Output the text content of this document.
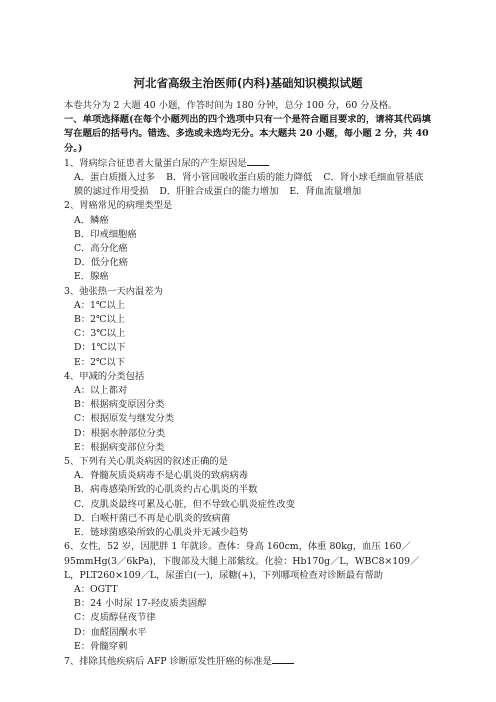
河北省高级主治医师(内科)基础知识模拟试题
本卷共分为 2 大题 40 小题，作答时间为 180 分钟，总分 100 分，60 分及格。
一、单项选择题(在每个小题列出的四个选项中只有一个是符合题目要求的，请将其代码填写在题后的括号内。错选、多选或未选均无分。本大题共 20 小题，每小题 2 分，共 40 分。)
1、肾病综合征患者大量蛋白尿的产生原因是
A．蛋白质摄入过多 B．肾小管回吸收蛋白质的能力降低 C．肾小球毛细血管基底膜的滤过作用受损 D．肝脏合成蛋白的能力增加 E．肾血流量增加
2、胃癌常见的病理类型是
A．鳞癌
B．印戒细胞癌
C．高分化癌
D．低分化癌
E．腺癌
3、弛张热一天内温差为
A：1℃以上
B：2℃以上
C：3℃以上
D：1℃以下
E：2℃以下
4、甲减的分类包括
A：以上都对
B：根据病变原因分类
C：根据原发与继发分类
D：根据水肿部位分类
E：根据病变部位分类
5、下列有关心肌炎病因的叙述正确的是
A．脊髓灰质炎病毒不是心肌炎的致病病毒
B．病毒感染所致的心肌炎约占心肌炎的半数
C．皮肌炎最终可累及心脏，但不导致心肌炎症性改变
D．白喉杆菌已不再是心肌炎的致病菌
E．链球菌感染所致的心肌炎并无减少趋势
6、女性，52 岁，因肥胖 1 年就诊。查体：身高 160cm，体重 80kg，血压 160／95mmHg(3／6kPa)，下腹部及大腿上部紫纹。化验：Hb170g／L，WBC8×109／L，PLT260×109／L，尿蛋白(一)，尿糖(+)，下列哪项检查对诊断最有帮助
A：OGTT
B：24 小时尿 17-羟皮质类固醇
C：皮质醇昼夜节律
D：血醛固酮水平
E：骨髓穿刺
7、排除其他疾病后 AFP 诊断原发性肝癌的标准是
